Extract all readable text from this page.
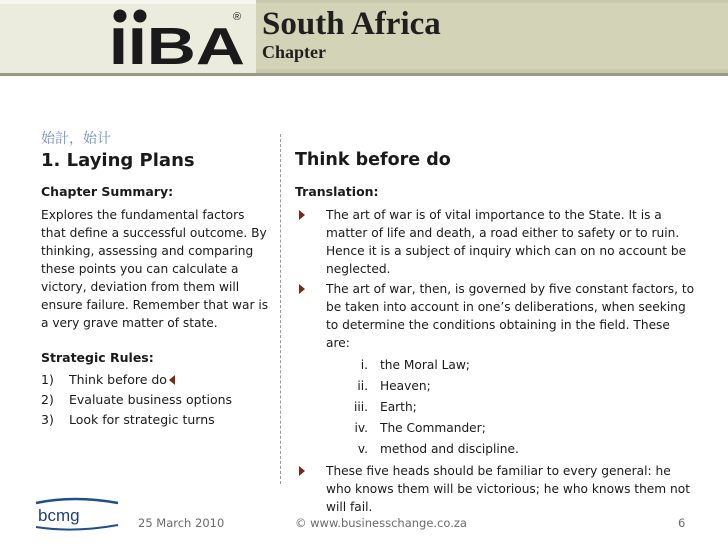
IIBA
® South Africa
Chapter
始計，始计
1. Laying Plans
Chapter Summary:
Explores the fundamental factors that define a successful outcome. By thinking, assessing and comparing these points you can calculate a victory, deviation from them will ensure failure. Remember that war is a very grave matter of state.
Strategic Rules:
1)	Think before do
2)	Evaluate business options
3)	Look for strategic turns
Think before do
Translation:
The art of war is of vital importance to the State. It is a matter of life and death, a road either to safety or to ruin. Hence it is a subject of inquiry which can on no account be neglected.
The art of war, then, is governed by five constant factors, to be taken into account in one’s deliberations, when seeking to determine the conditions obtaining in the field. These are:
i. the Moral Law;
ii. Heaven;
iii. Earth;
iv. The Commander;
v. method and discipline.
These five heads should be familiar to every general: he who knows them will be victorious; he who knows them not will fail.
bcmg	25 March 2010	© www.businesschange.co.za	6
